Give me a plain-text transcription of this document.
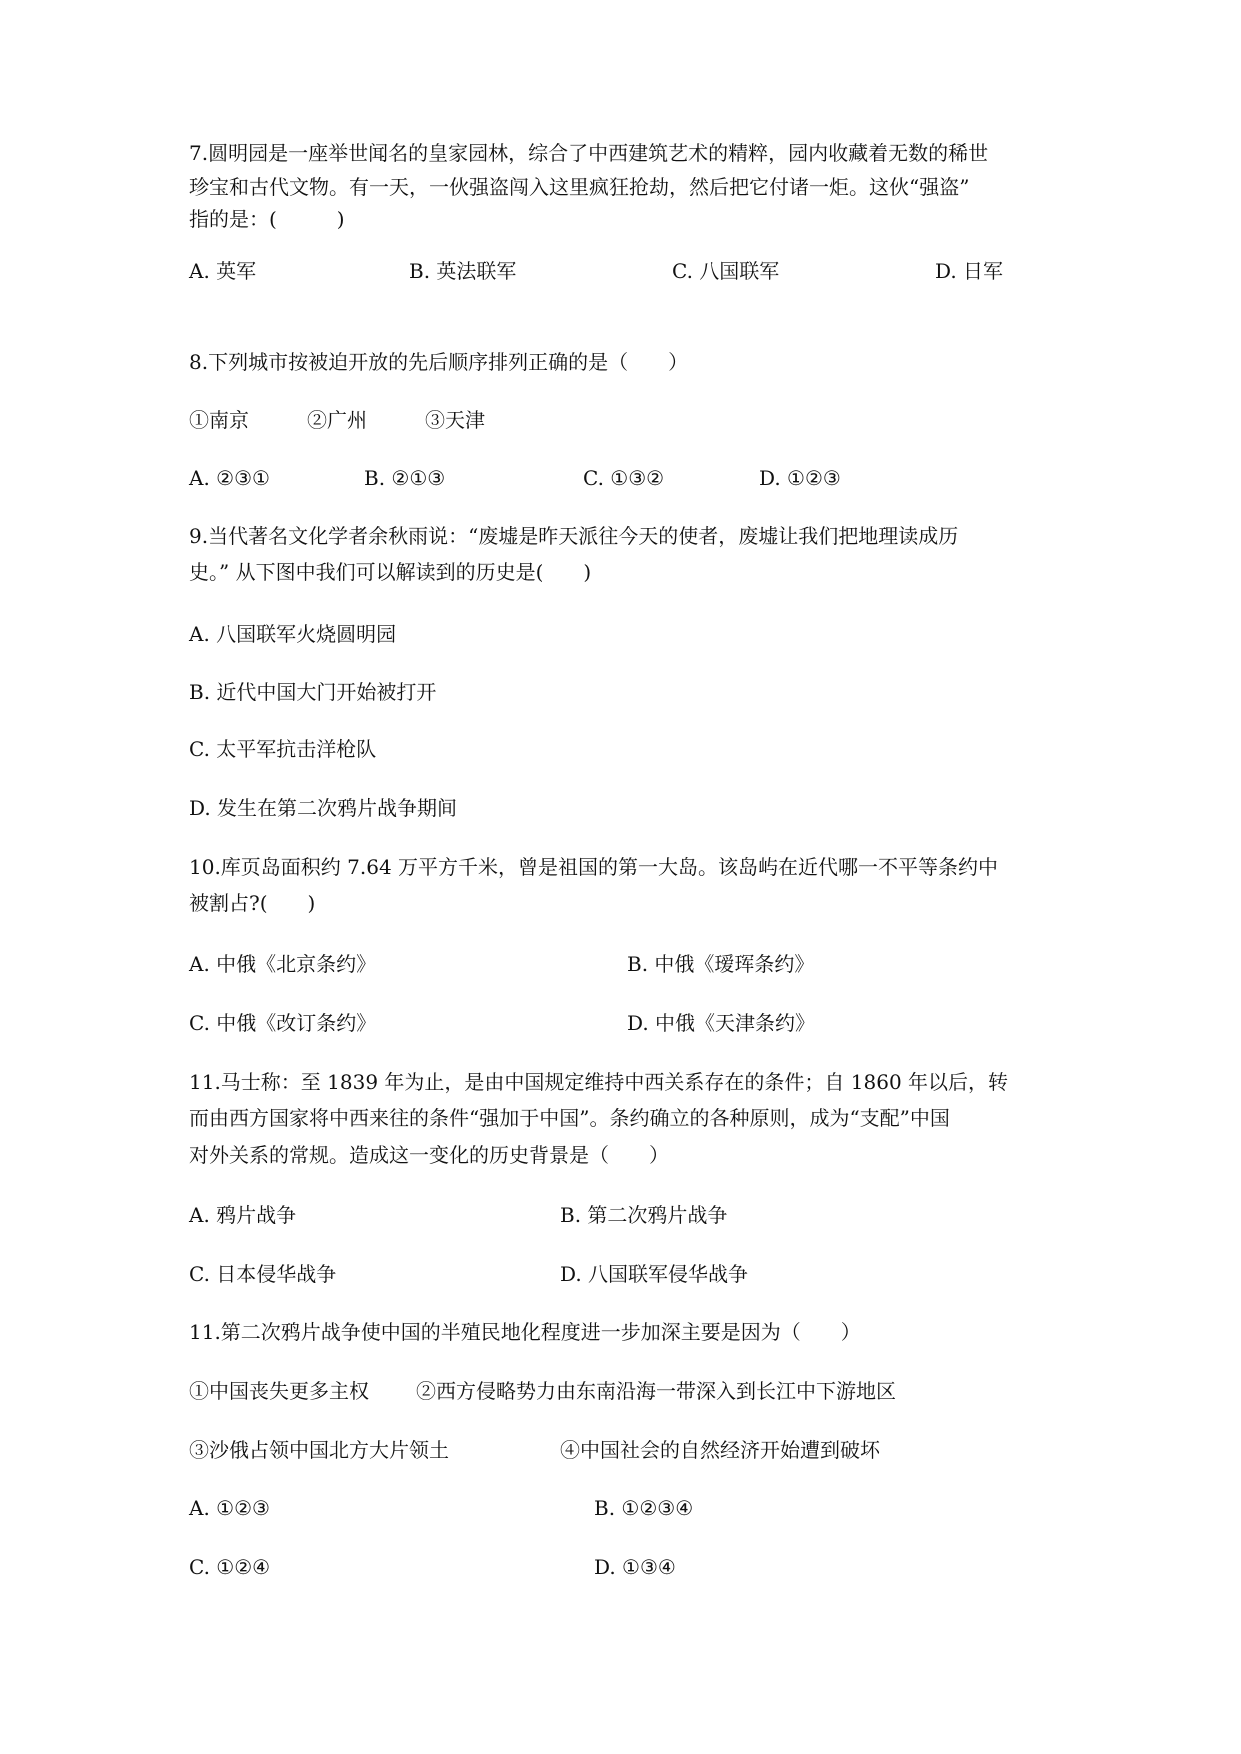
7.圆明园是一座举世闻名的皇家园林，综合了中西建筑艺术的精粹，园内收藏着无数的稀世
珍宝和古代文物。有一天，一伙强盗闯入这里疯狂抢劫，然后把它付诸一炬。这伙“强盗”
指的是：(　　　)
A. 英军	B. 英法联军	C. 八国联军	D. 日军
8.下列城市按被迫开放的先后顺序排列正确的是（　　）
①南京	②广州	③天津
A. ②③①	B. ②①③	C. ①③②	D. ①②③
9.当代著名文化学者余秋雨说：“废墟是昨天派往今天的使者，废墟让我们把地理读成历
史。” 从下图中我们可以解读到的历史是(　　)
A. 八国联军火烧圆明园
B. 近代中国大门开始被打开
C. 太平军抗击洋枪队
D. 发生在第二次鸦片战争期间
10.库页岛面积约 7.64 万平方千米，曾是祖国的第一大岛。该岛屿在近代哪一不平等条约中
被割占?(　　)
A. 中俄《北京条约》	B. 中俄《瑷珲条约》
C. 中俄《改订条约》	D. 中俄《天津条约》
11.马士称：至 1839 年为止，是由中国规定维持中西关系存在的条件；自 1860 年以后，转
而由西方国家将中西来往的条件“强加于中国”。条约确立的各种原则，成为“支配”中国
对外关系的常规。造成这一变化的历史背景是（　　）
A. 鸦片战争	B. 第二次鸦片战争
C. 日本侵华战争	D. 八国联军侵华战争
11.第二次鸦片战争使中国的半殖民地化程度进一步加深主要是因为（　　）
①中国丧失更多主权 ②西方侵略势力由东南沿海一带深入到长江中下游地区
③沙俄占领中国北方大片领土	④中国社会的自然经济开始遭到破坏
A. ①②③	B. ①②③④
C. ①②④	D. ①③④
